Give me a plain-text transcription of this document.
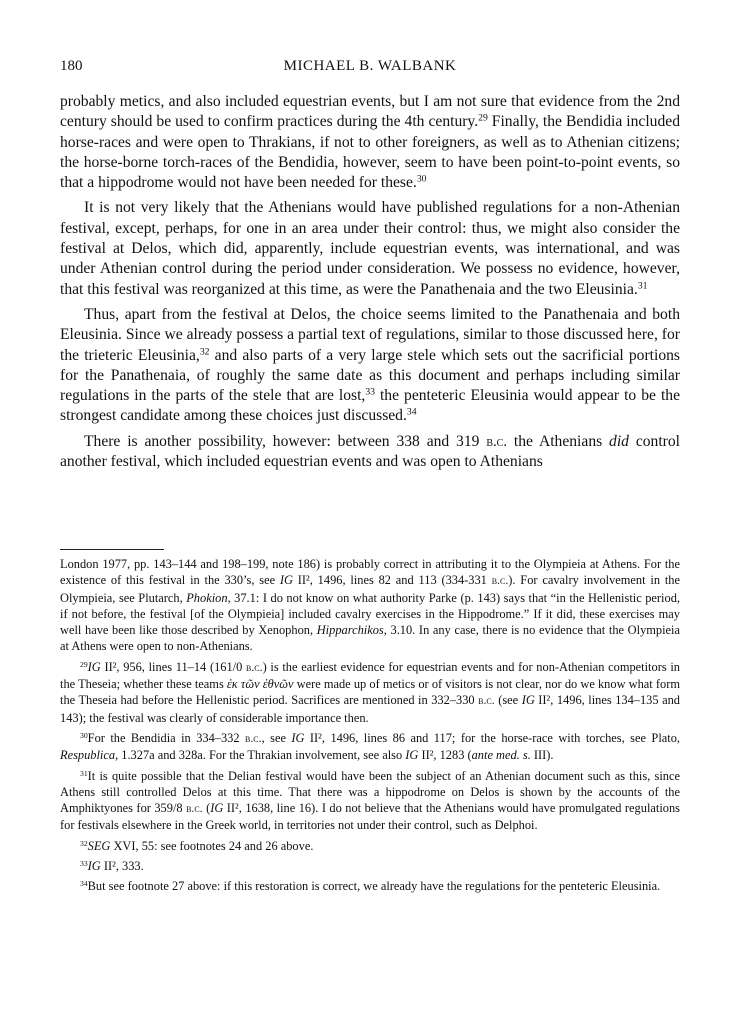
180	MICHAEL B. WALBANK

probably metics, and also included equestrian events, but I am not sure that evidence from the 2nd century should be used to confirm practices during the 4th century.$^{29}$ Finally, the Bendidia included horse-races and were open to Thrakians, if not to other foreigners, as well as to Athenian citizens; the horse-borne torch-races of the Bendidia, however, seem to have been point-to-point events, so that a hippodrome would not have been needed for these.$^{30}$

It is not very likely that the Athenians would have published regulations for a non-Athenian festival, except, perhaps, for one in an area under their control: thus, we might also consider the festival at Delos, which did, apparently, include equestrian events, was international, and was under Athenian control during the period under consideration. We possess no evidence, however, that this festival was reorganized at this time, as were the Panathenaia and the two Eleusinia.$^{31}$

Thus, apart from the festival at Delos, the choice seems limited to the Panathenaia and both Eleusinia. Since we already possess a partial text of regulations, similar to those discussed here, for the trieteric Eleusinia,$^{32}$ and also parts of a very large stele which sets out the sacrificial portions for the Panathenaia, of roughly the same date as this document and perhaps including similar regulations in the parts of the stele that are lost,$^{33}$ the penteteric Eleusinia would appear to be the strongest candidate among these choices just discussed.$^{34}$

There is another possibility, however: between 338 and 319 b.c. the Athenians did control another festival, which included equestrian events and was open to Athenians

London 1977, pp. 143–144 and 198–199, note 186) is probably correct in attributing it to the Olympieia at Athens. For the existence of this festival in the 330’s, see IG II², 1496, lines 82 and 113 (334-331 b.c.). For cavalry involvement in the Olympieia, see Plutarch, Phokion, 37.1: I do not know on what authority Parke (p. 143) says that “in the Hellenistic period, if not before, the festival [of the Olympieia] included cavalry exercises in the Hippodrome.” If it did, these exercises may well have been like those described by Xenophon, Hipparchikos, 3.10. In any case, there is no evidence that the Olympieia at Athens were open to non-Athenians.

$^{29}$IG II², 956, lines 11–14 (161/0 b.c.) is the earliest evidence for equestrian events and for non-Athenian competitors in the Theseia; whether these teams ἐκ τῶν ἐθνῶν were made up of metics or of visitors is not clear, nor do we know what form the Theseia had before the Hellenistic period. Sacrifices are mentioned in 332–330 b.c. (see IG II², 1496, lines 134–135 and 143); the festival was clearly of considerable importance then.

$^{30}$For the Bendidia in 334–332 b.c., see IG II², 1496, lines 86 and 117; for the horse-race with torches, see Plato, Respublica, 1.327a and 328a. For the Thrakian involvement, see also IG II², 1283 (ante med. s. III).

$^{31}$It is quite possible that the Delian festival would have been the subject of an Athenian document such as this, since Athens still controlled Delos at this time. That there was a hippodrome on Delos is shown by the accounts of the Amphiktyones for 359/8 b.c. (IG II², 1638, line 16). I do not believe that the Athenians would have promulgated regulations for festivals elsewhere in the Greek world, in territories not under their control, such as Delphoi.

$^{32}$SEG XVI, 55: see footnotes 24 and 26 above.

$^{33}$IG II², 333.

$^{34}$But see footnote 27 above: if this restoration is correct, we already have the regulations for the penteteric Eleusinia.
